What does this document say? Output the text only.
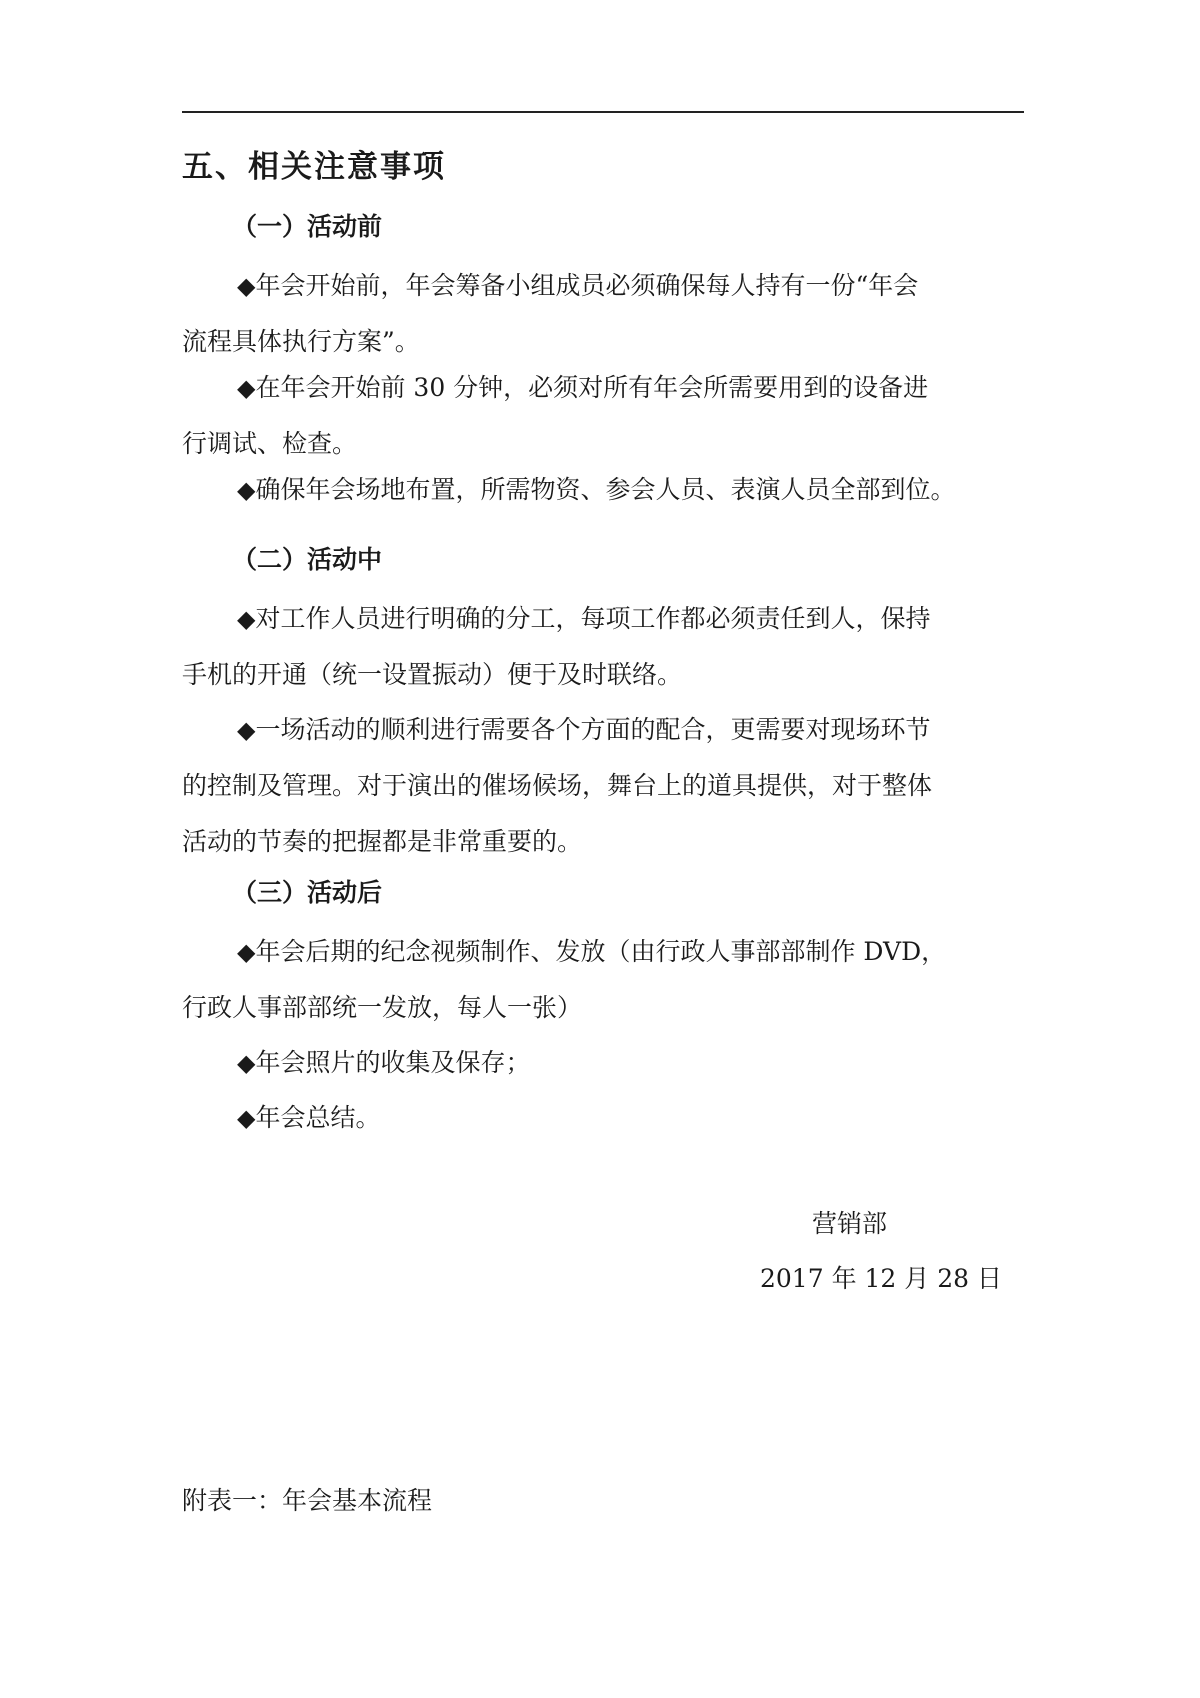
五、相关注意事项
（一）活动前
◆年会开始前，年会筹备小组成员必须确保每人持有一份“年会
流程具体执行方案”。
◆在年会开始前 30 分钟，必须对所有年会所需要用到的设备进
行调试、检查。
◆确保年会场地布置，所需物资、参会人员、表演人员全部到位。
（二）活动中
◆对工作人员进行明确的分工，每项工作都必须责任到人，保持
手机的开通（统一设置振动）便于及时联络。
◆一场活动的顺利进行需要各个方面的配合，更需要对现场环节
的控制及管理。对于演出的催场候场，舞台上的道具提供，对于整体
活动的节奏的把握都是非常重要的。
（三）活动后
◆年会后期的纪念视频制作、发放（由行政人事部部制作 DVD，
行政人事部部统一发放，每人一张）
◆年会照片的收集及保存；
◆年会总结。
营销部
2017 年 12 月 28 日
附表一：年会基本流程
